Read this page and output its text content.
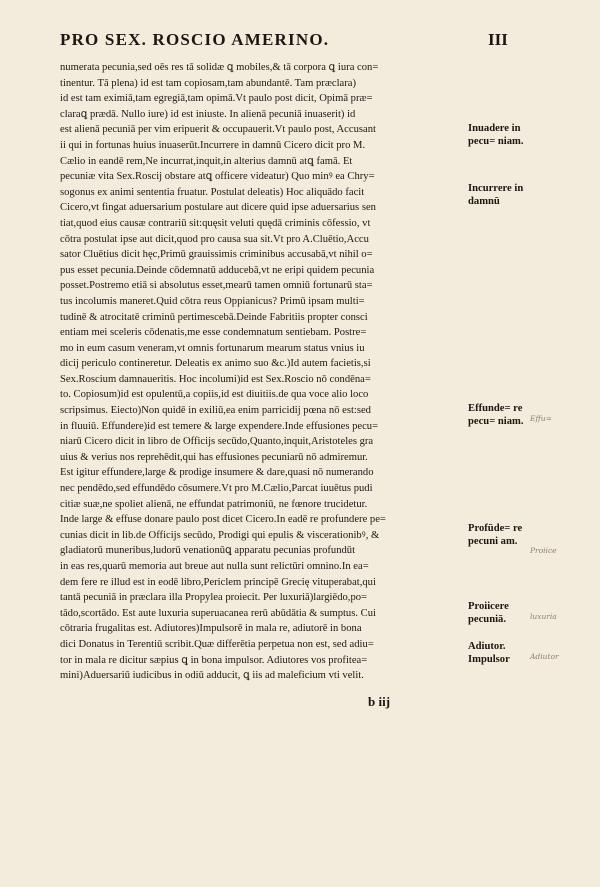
PRO SEX. ROSCIO AMERINO.	III
numerata pecunia,sed oēs res tā solidæ ꝗ mobiles,& tā corpora ꝗ iura con=
tinentur. Tā plena) id est tam copiosam,tam abundantē. Tam præclara)
id est tam eximiā,tam egregiā,tam opimā.Vt paulo post dicit, Opimā præ=
claraꝗ prædā. Nullo iure) id est iniuste. In alienā pecuniā inuaserit) id
est alienā pecuniā per vim eripuerit & occupauerit.Vt paulo post, Accusant
ii qui in fortunas huius inuaserūt.Incurrere in damnū Cicero dicit pro M.
Cælio in eandē rem,Ne incurrat,inquit,in alterius damnū atꝗ famā. Et
pecuniæ vita Sex.Roscij obstare atꝗ officere videatur) Quo minꝰ ea Chry=
sogonus ex animi sententia fruatur. Postulat deleatis) Hoc aliquādo facit
Cicero,vt fingat aduersarium postulare aut dicere quid ipse aduersarius sen
tiat,quod eius causæ contrariū sit:quęsit veluti quędā criminis cōfessio, vt
cōtra postulat ipse aut dicit,quod pro causa sua sit.Vt pro A.Cluētio,Accu
sator Cluētius dicit hęc,Primū grauissimis criminibus accusabā,vt nihil o=
pus esset pecunia.Deinde cōdemnatū adducebā,vt ne eripi quidem pecunia
posset.Postremo etiā si absolutus esset,mearū tamen omniū fortunarū sta=
tus incolumis maneret.Quid cōtra reus Oppianicus? Primū ipsam multi=
tudinē & atrocitatē criminū pertimescebā.Deinde Fabritiis propter consci
entiam mei sceleris cōdenatis,me esse condemnatum sentiebam. Postre=
mo in eum casum veneram,vt omnis fortunarum mearum status vnius iu
dicij periculo contineretur. Deleatis ex animo suo &c.)Id autem facietis,si
Sex.Roscium damnaueritis. Hoc incolumi)id est Sex.Roscio nō condēna=
to. Copiosum)id est opulentū,a copiis,id est diuitiis.de qua voce alio loco
scripsimus. Eiecto)Non quidē in exiliū,ea enim parricidij pœna nō est:sed
in fluuiū. Effundere)id est temere & large expendere.Inde effusiones pecu=
niarū Cicero dicit in libro de Officijs secūdo,Quanto,inquit,Aristoteles gra
uius & verius nos reprehēdit,qui has effusiones pecuniarū nō admiremur.
Est igitur effundere,large & prodige insumere & dare,quasi nō numerando
nec pendēdo,sed effundēdo cōsumere.Vt pro M.Cælio,Parcat iuuētus pudi
citiæ suæ,ne spoliet alienā, ne effundat patrimoniū, ne fœnore trucidetur.
Inde large & effuse donare paulo post dicet Cicero.In eadē re profundere pe=
cunias dicit in lib.de Officijs secūdo, Prodigi qui epulis & viscerationibꝰ, &
gladiatorū muneribus,ludorū venationūꝗ apparatu pecunias profundūt
in eas res,quarū memoria aut breue aut nulla sunt relictūri omnino.In ea=
dem fere re illud est in eodē libro,Periclem principē Grecię vituperabat,qui
tantā pecuniā in præclara illa Propylea proiecit. Per luxuriā)largiēdo,po=
tādo,scortādo. Est aute luxuria superuacanea rerū abūdātia & sumptus. Cui
cōtraria frugalitas est. Adiutores)Impulsorē in mala re, adiutorē in bona
dici Donatus in Terentiū scribit.Quæ differētia perpetua non est, sed adiu=
tor in mala re dicitur sæpius ꝗ in bona impulsor. Adiutores vos profitea=
mini)Aduersariū iudicibus in odiū adducit, ꝗ iis ad maleficium vti velit.
Inuadere in pecu= niam.
Incurrere in damnū
Effunde= re pecu= niam.
Profūde= re pecuni am.
Proiicere pecuniā.
Adiutor. Impulsor
Effu=
Proiice
luxuria
Adiutor
b iij
